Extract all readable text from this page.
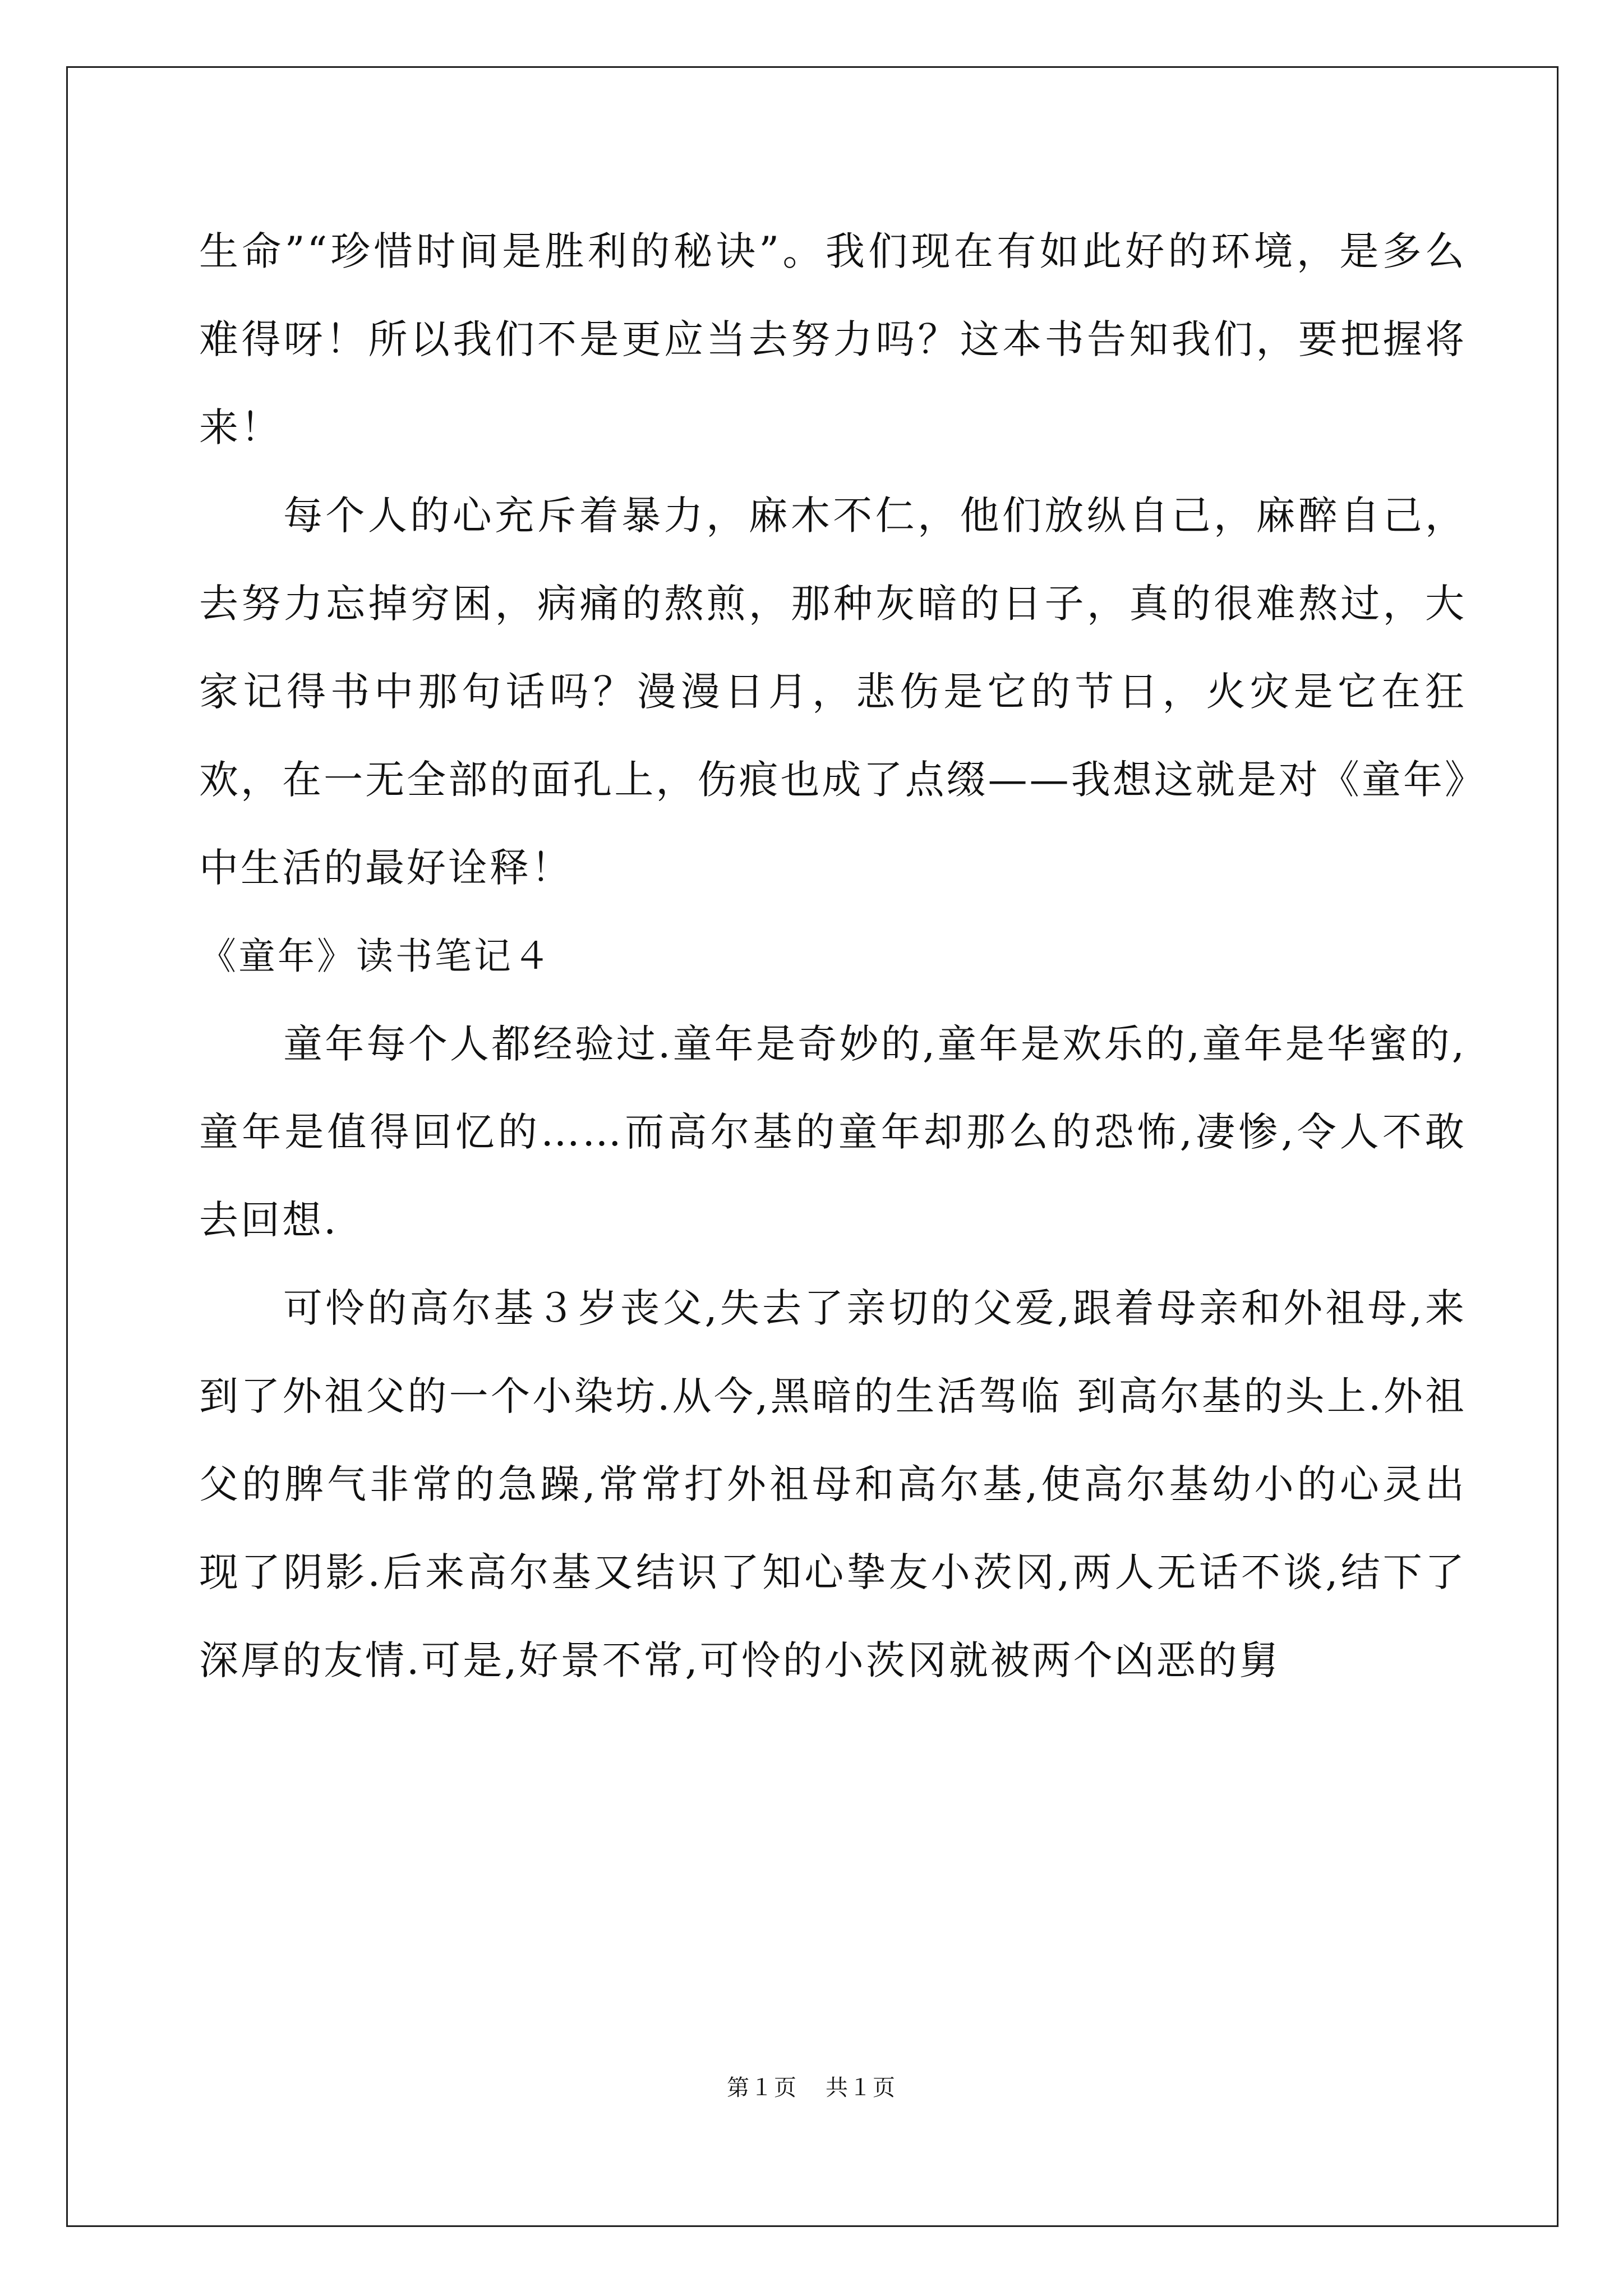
生命”“珍惜时间是胜利的秘诀”。我们现在有如此好的环境，是多么难得呀！所以我们不是更应当去努力吗？这本书告知我们，要把握将来！

每个人的心充斥着暴力，麻木不仁，他们放纵自己，麻醉自己，去努力忘掉穷困，病痛的熬煎，那种灰暗的日子，真的很难熬过，大家记得书中那句话吗？漫漫日月，悲伤是它的节日，火灾是它在狂欢，在一无全部的面孔上，伤痕也成了点缀——我想这就是对《童年》中生活的最好诠释！

《童年》读书笔记４

童年每个人都经验过.童年是奇妙的,童年是欢乐的,童年是华蜜的,童年是值得回忆的……而高尔基的童年却那么的恐怖,凄惨,令人不敢去回想.

可怜的高尔基３岁丧父,失去了亲切的父爱,跟着母亲和外祖母,来到了外祖父的一个小染坊.从今,黑暗的生活驾临 到高尔基的头上.外祖父的脾气非常的急躁,常常打外祖母和高尔基,使高尔基幼小的心灵出现了阴影.后来高尔基又结识了知心挚友小茨冈,两人无话不谈,结下了深厚的友情.可是,好景不常,可怜的小茨冈就被两个凶恶的舅

第１页 共１页
